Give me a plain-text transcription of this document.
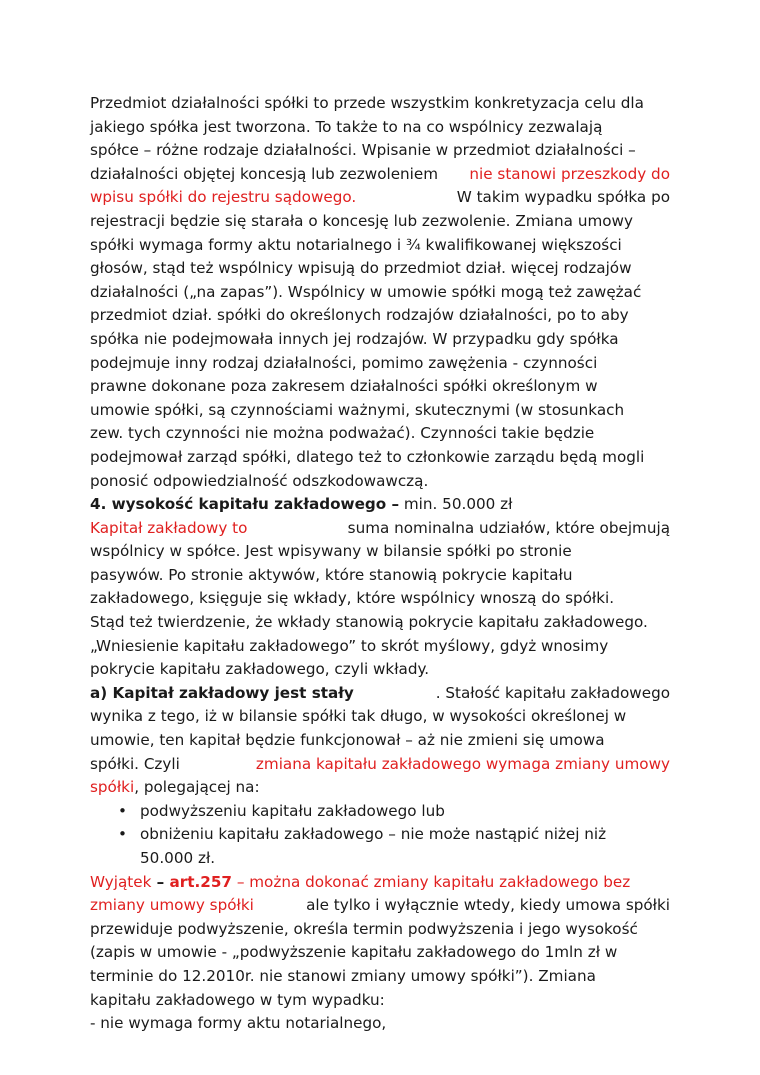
Przedmiot działalności spółki to przede wszystkim konkretyzacja celu dla
jakiego spółka jest tworzona. To także to na co wspólnicy zezwalają
spółce – różne rodzaje działalności. Wpisanie w przedmiot działalności –
działalności objętej koncesją lub zezwoleniem nie stanowi przeszkody do
wpisu spółki do rejestru sądowego.	W takim wypadku spółka po
rejestracji będzie się starała o koncesję lub zezwolenie. Zmiana umowy
spółki wymaga formy aktu notarialnego i ¾ kwalifikowanej większości
głosów, stąd też wspólnicy wpisują do przedmiot dział. więcej rodzajów
działalności („na zapas”). Wspólnicy w umowie spółki mogą też zawężać
przedmiot dział. spółki do określonych rodzajów działalności, po to aby
spółka nie podejmowała innych jej rodzajów. W przypadku gdy spółka
podejmuje inny rodzaj działalności, pomimo zawężenia - czynności
prawne dokonane poza zakresem działalności spółki określonym w
umowie spółki, są czynnościami ważnymi, skutecznymi (w stosunkach
zew. tych czynności nie można podważać). Czynności takie będzie
podejmował zarząd spółki, dlatego też to członkowie zarządu będą mogli
ponosić odpowiedzialność odszkodowawczą.
4. wysokość kapitału zakładowego – min. 50.000 zł
Kapitał zakładowy to	suma nominalna udziałów, które obejmują
wspólnicy w spółce. Jest wpisywany w bilansie spółki po stronie
pasywów. Po stronie aktywów, które stanowią pokrycie kapitału
zakładowego, księguje się wkłady, które wspólnicy wnoszą do spółki.
Stąd też twierdzenie, że wkłady stanowią pokrycie kapitału zakładowego.
„Wniesienie kapitału zakładowego” to skrót myślowy, gdyż wnosimy
pokrycie kapitału zakładowego, czyli wkłady.
a) Kapitał zakładowy jest stały	. Stałość kapitału zakładowego
wynika z tego, iż w bilansie spółki tak długo, w wysokości określonej w
umowie, ten kapitał będzie funkcjonował – aż nie zmieni się umowa
spółki. Czyli	zmiana kapitału zakładowego wymaga zmiany umowy
spółki , polegającej na:
• podwyższeniu kapitału zakładowego lub
• obniżeniu kapitału zakładowego – nie może nastąpić niżej niż
50.000 zł.
Wyjątek – art.257 – można dokonać zmiany kapitału zakładowego bez
zmiany umowy spółki	ale tylko i wyłącznie wtedy, kiedy umowa spółki
przewiduje podwyższenie, określa termin podwyższenia i jego wysokość
(zapis w umowie - „podwyższenie kapitału zakładowego do 1mln zł w
terminie do 12.2010r. nie stanowi zmiany umowy spółki”). Zmiana
kapitału zakładowego w tym wypadku:
- nie wymaga formy aktu notarialnego,
